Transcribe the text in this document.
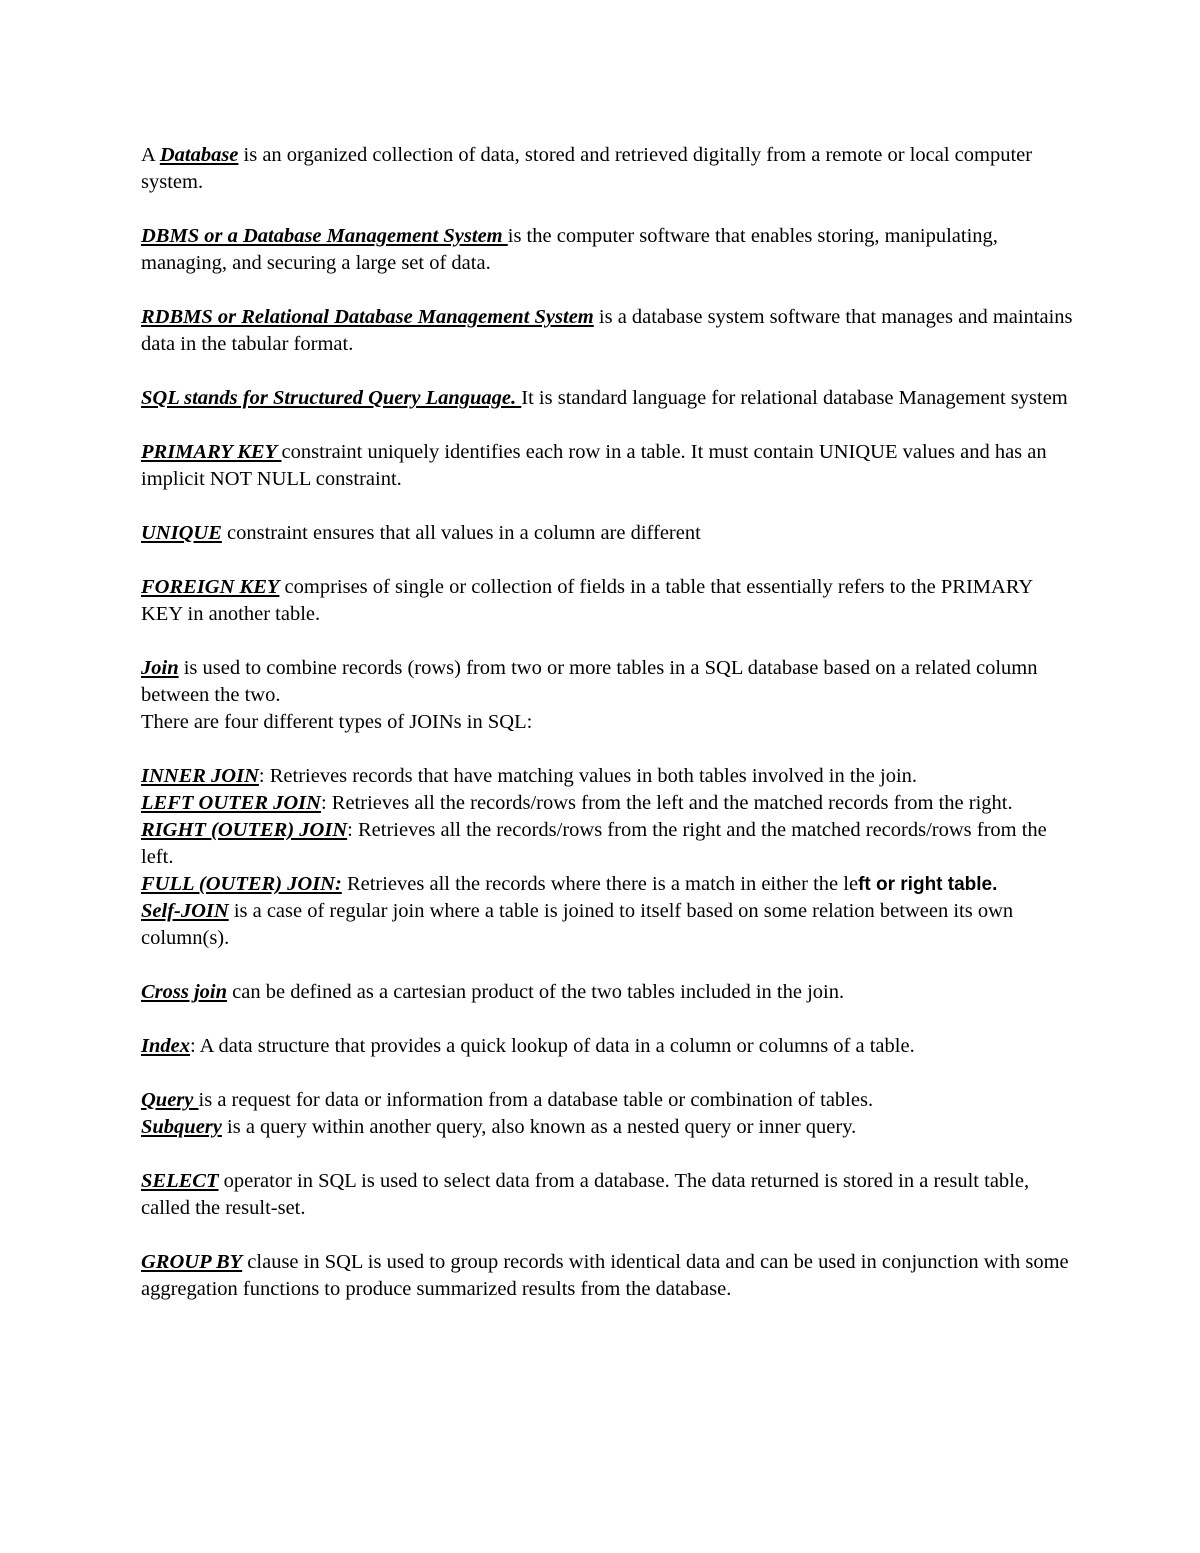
A Database is an organized collection of data, stored and retrieved digitally from a remote or local computer system.

DBMS or a Database Management System is the computer software that enables storing, manipulating, managing, and securing a large set of data.

RDBMS or Relational Database Management System is a database system software that manages and maintains data in the tabular format.

SQL stands for Structured Query Language. It is standard language for relational database Management system

PRIMARY KEY constraint uniquely identifies each row in a table. It must contain UNIQUE values and has an implicit NOT NULL constraint.

UNIQUE constraint ensures that all values in a column are different

FOREIGN KEY comprises of single or collection of fields in a table that essentially refers to the PRIMARY KEY in another table.

Join is used to combine records (rows) from two or more tables in a SQL database based on a related column between the two.

There are four different types of JOINs in SQL:

INNER JOIN: Retrieves records that have matching values in both tables involved in the join.

LEFT OUTER JOIN: Retrieves all the records/rows from the left and the matched records from the right.

RIGHT (OUTER) JOIN: Retrieves all the records/rows from the right and the matched records/rows from the left.

FULL (OUTER) JOIN: Retrieves all the records where there is a match in either the left or right table.

Self-JOIN is a case of regular join where a table is joined to itself based on some relation between its own column(s).

Cross join can be defined as a cartesian product of the two tables included in the join.

Index: A data structure that provides a quick lookup of data in a column or columns of a table.

Query is a request for data or information from a database table or combination of tables.

Subquery is a query within another query, also known as a nested query or inner query.

SELECT operator in SQL is used to select data from a database. The data returned is stored in a result table, called the result-set.

GROUP BY clause in SQL is used to group records with identical data and can be used in conjunction with some aggregation functions to produce summarized results from the database.
